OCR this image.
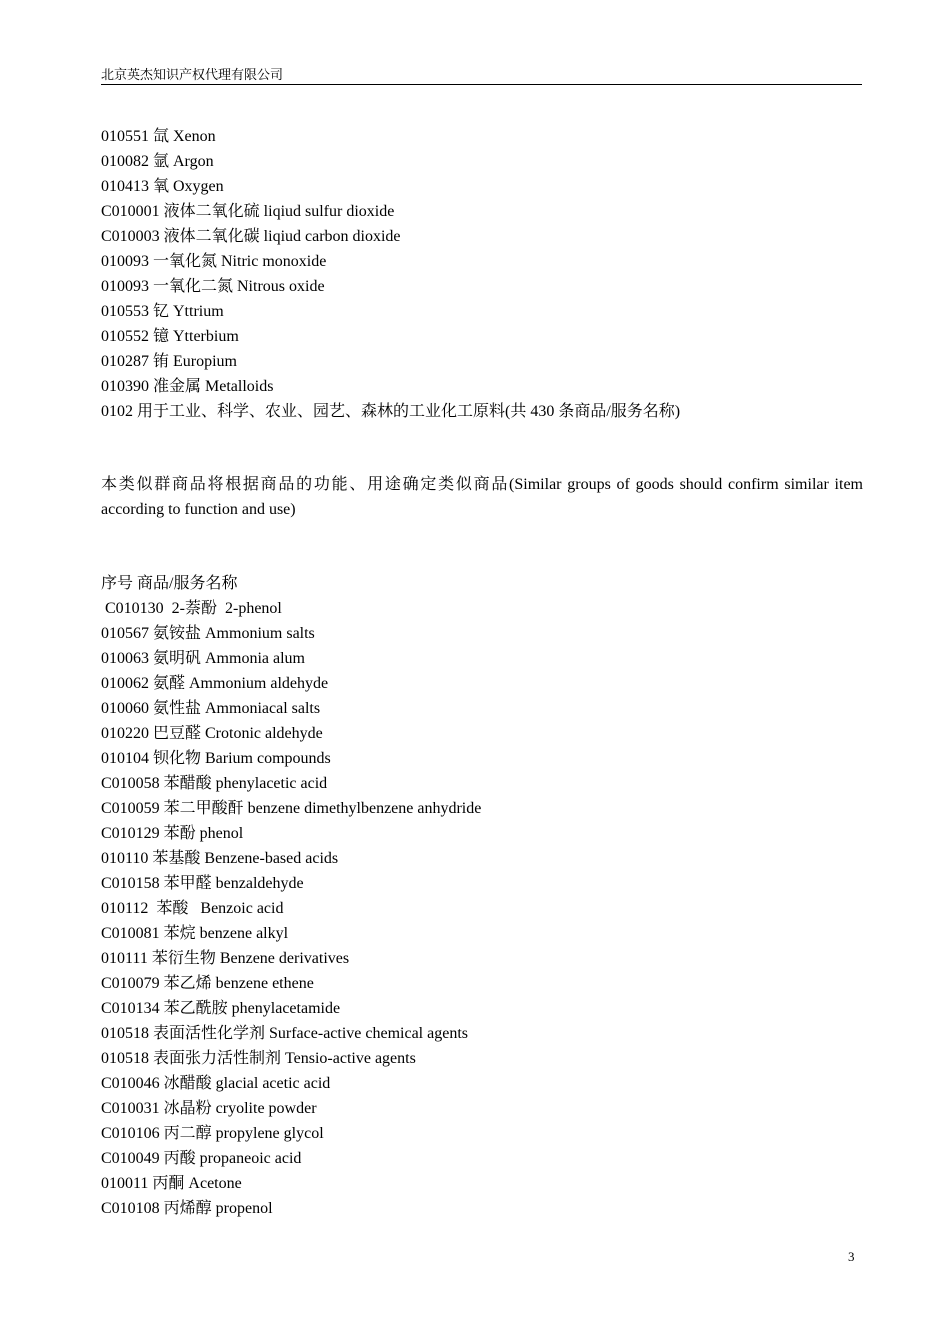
北京英杰知识产权代理有限公司
010551 氙 Xenon
010082 氩 Argon
010413 氧 Oxygen
C010001 液体二氧化硫 liqiud sulfur dioxide
C010003 液体二氧化碳 liqiud carbon dioxide
010093 一氧化氮 Nitric monoxide
010093 一氧化二氮 Nitrous oxide
010553 钇 Yttrium
010552 镱 Ytterbium
010287 铕 Europium
010390 准金属 Metalloids
0102 用于工业、科学、农业、园艺、森林的工业化工原料(共 430 条商品/服务名称)
本类似群商品将根据商品的功能、用途确定类似商品(Similar groups of goods should confirm similar item according to function and use)
序号 商品/服务名称
C010130  2-萘酚  2-phenol
010567 氨铵盐 Ammonium salts
010063 氨明矾 Ammonia alum
010062 氨醛 Ammonium aldehyde
010060 氨性盐 Ammoniacal salts
010220 巴豆醛 Crotonic aldehyde
010104 钡化物 Barium compounds
C010058 苯醋酸 phenylacetic acid
C010059 苯二甲酸酐 benzene dimethylbenzene anhydride
C010129 苯酚 phenol
010110 苯基酸 Benzene-based acids
C010158 苯甲醛 benzaldehyde
010112  苯酸   Benzoic acid
C010081 苯烷 benzene alkyl
010111 苯衍生物 Benzene derivatives
C010079 苯乙烯 benzene ethene
C010134 苯乙酰胺 phenylacetamide
010518 表面活性化学剂 Surface-active chemical agents
010518 表面张力活性制剂 Tensio-active agents
C010046 冰醋酸 glacial acetic acid
C010031 冰晶粉 cryolite powder
C010106 丙二醇 propylene glycol
C010049 丙酸 propaneoic acid
010011 丙酮 Acetone
C010108 丙烯醇 propenol
3
